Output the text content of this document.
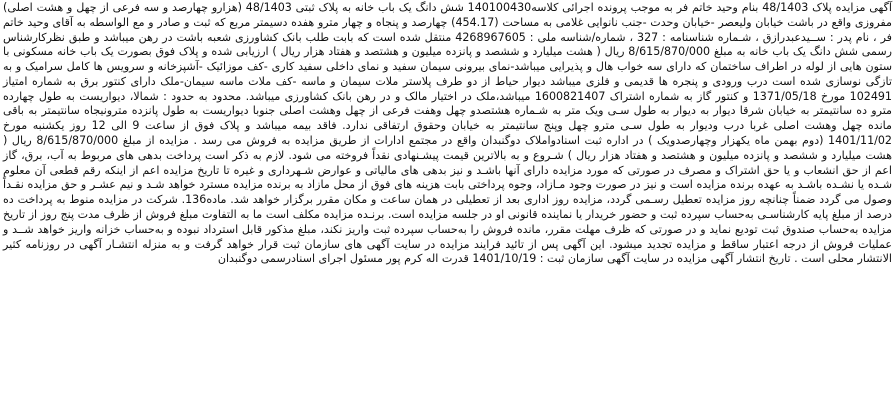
آگهی مزایده پلاک 48/1403 بنام وحید خاتم فر به موجب پرونده اجرائی کلاسه140100430 شش دانگ یک باب خانه به پلاک ثبتی 48/1403 (هزارو چهارصد و سه فرعی از چهل و هشت اصلی) مفروزی واقع در باشت خیابان ولیعصر -خیابان وحدت -جنب نانوایی غلامی به مساحت (454.17) چهارصد و پنجاه و چهار مترو هفده دسیمتر مربع که ثبت و صادر و مع الواسطه به آقای وحید خاتم فر ، نام پدر : ســیدعبدرازق ، شـماره شناسنامه : 327 ، شماره/شناسه ملی : 4268967605 منتقل شده است که بابت طلب بانک کشاورزی شعبه باشت در رهن میباشد و طبق نظرکارشناس رسمی شش دانگ یک باب خانه به مبلغ 8/615/870/000 ریال ( هشت میلیارد و ششصد و پانزده میلیون و هشتصد و هفتاد هزار ریال ) ارزیابی شده و پلاک فوق بصورت یک باب خانه مسکونی با ستون هایی از لوله در اطراف ساختمان که دارای سه خواب هال و پذیرایی میباشد-نمای بیرونی سیمان سفید و نمای داخلی سفید کاری -کف موزائیک -آشپزخانه و سرویس ها کامل سرامیک و به تازگی نوسازی شده است درب ورودی و پنجره ها قدیمی و فلزی میباشد دیوار حیاط از دو طرف پلاستر ملات سیمان و ماسه -کف ملات ماسه سیمان-ملک دارای کنتور برق به شماره امتیاز 102491 مورخ 1371/05/18 و کنتور گاز به شماره اشتراک 1600821407 میباشد،ملک در اختیار مالک و در رهن بانک کشاورزی میباشد. محدود به حدود : شمالا، دیواریست به طول چهارده مترو ده سانتیمتر به خیابان شرقا دیوار به دیوار به طول سـی ویک متر به شـماره هشتصدو چهل وهفت فرعی از چهل وهشت اصلی جنوبا دیواریست به طول پانزده مترونیجاه سانتیمتر به باقی مانده چهل وهشت اصلی غربا درب ودیوار به طول سـی مترو چهل وپنج سانتیمتر به خیابان وحقوق ارتفاقی ندارد. فاقد بیمه میباشد و پلاک فوق از ساعت 9 الی 12 روز یکشنبه مورخ 1401/11/02 (دوم بهمن ماه یکهزار وچهارصدویک ) در اداره ثبت اسنادواملاک دوگنبدان واقع در مجتمع ادارات از طریق مزایده به فروش می رسد . مزایده از مبلغ 8/615/870/000 ریال ( هشت میلیارد و ششصد و پانزده میلیون و هشتصد و هفتاد هزار ریال ) شـروع و به بالاترین قیمت پیشـنهادی نقداً فروخته می شود. لازم به ذکر است پرداخت بدهی های مربوط به آب، برق، گاز اعم از حق انشعاب و یا حق اشتراک و مصرف در صورتی که مورد مزایده دارای آنها باشـد و نیز بدهی های مالیاتی و عوارض شـهرداری و غیره تا تاریخ مزایده اعم از اینکه رقم قطعی آن معلوم شـده یا نشـده باشـد به عهده برنده مزایده است و نیز در صورت وجود مـازاد، وجوه پرداختی بابت هزینه های فوق از محل مازاد به برنده مزایده مسترد خواهد شـد و نیم عشـر و حق مزایده نقـداً وصول می گردد ضمناً چنانچه روز مزایده تعطیل رسـمی گردد، مزایده روز اداری بعد از تعطیلی در همان ساعت و مکان مقرر برگزار خواهد شد. ماده136. شرکت در مزایده منوط به پرداخت ده درصد از مبلغ پایه کارشناسـی به‌حساب سپرده ثبت و حضور خریدار یا نماینده قانونی او در جلسه مزایده است. برنـده مزایده مکلف است ما به التفاوت مبلغ فروش از ظرف مدت پنج روز از تاریخ مزایده به‌حساب صندوق ثبت تودیع نماید و در صورتی که ظرف مهلت مقرر، مانده فروش را به‌حساب سپرده ثبت واریز نکند، مبلغ مذکور قابل استرداد نبوده و به‌حساب خزانه واریز خواهد شــد و عملیات فروش از درجه اعتبار ساقط و مزایده تجدید میشود. این آگهی پس از تائید فرایند مزایده در سایت آگهی های سازمان ثبت قرار خواهد گرفت و به منزله انتشـار آگهی در روزنامه کثیر الانتشار محلی است . تاریخ انتشار آگهی مزایده در سایت آگهی سازمان ثبت : 1401/10/19 قدرت اله کرم پور مسئول اجرای اسنادرسمی دوگنبدان
